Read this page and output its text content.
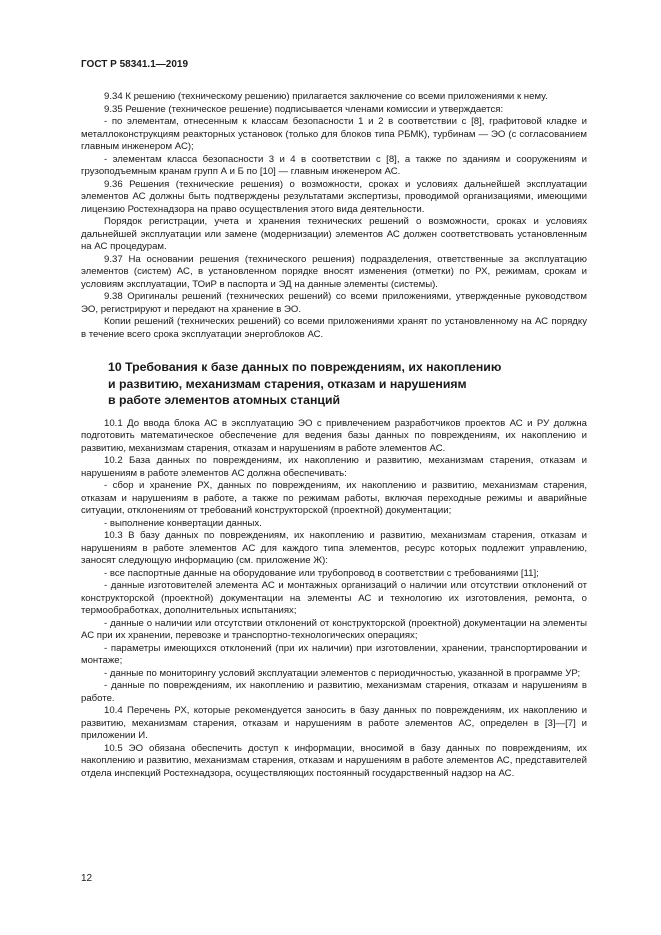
ГОСТ Р 58341.1—2019

9.34 К решению (техническому решению) прилагается заключение со всеми приложениями к нему.

9.35 Решение (техническое решение) подписывается членами комиссии и утверждается:

- по элементам, отнесенным к классам безопасности 1 и 2 в соответствии с [8], графитовой кладке и металлоконструкциям реакторных установок (только для блоков типа РБМК), турбинам — ЭО (с согласованием главным инженером АС);

- элементам класса безопасности 3 и 4 в соответствии с [8], а также по зданиям и сооружениям и грузоподъемным кранам групп А и Б по [10] — главным инженером АС.

9.36 Решения (технические решения) о возможности, сроках и условиях дальнейшей эксплуатации элементов АС должны быть подтверждены результатами экспертизы, проводимой организациями, имеющими лицензию Ростехнадзора на право осуществления этого вида деятельности.

Порядок регистрации, учета и хранения технических решений о возможности, сроках и условиях дальнейшей эксплуатации или замене (модернизации) элементов АС должен соответствовать установленным на АС процедурам.

9.37 На основании решения (технического решения) подразделения, ответственные за эксплуатацию элементов (систем) АС, в установленном порядке вносят изменения (отметки) по РХ, режимам, срокам и условиям эксплуатации, ТОиР в паспорта и ЭД на данные элементы (системы).

9.38 Оригиналы решений (технических решений) со всеми приложениями, утвержденные руководством ЭО, регистрируют и передают на хранение в ЭО.

Копии решений (технических решений) со всеми приложениями хранят по установленному на АС порядку в течение всего срока эксплуатации энергоблоков АС.

10 Требования к базе данных по повреждениям, их накоплению
и развитию, механизмам старения, отказам и нарушениям
в работе элементов атомных станций

10.1 До ввода блока АС в эксплуатацию ЭО с привлечением разработчиков проектов АС и РУ должна подготовить математическое обеспечение для ведения базы данных по повреждениям, их накоплению и развитию, механизмам старения, отказам и нарушениям в работе элементов АС.

10.2 База данных по повреждениям, их накоплению и развитию, механизмам старения, отказам и нарушениям в работе элементов АС должна обеспечивать:

- сбор и хранение РХ, данных по повреждениям, их накоплению и развитию, механизмам старения, отказам и нарушениям в работе, а также по режимам работы, включая переходные режимы и аварийные ситуации, отклонениям от требований конструкторской (проектной) документации;

- выполнение конвертации данных.

10.3 В базу данных по повреждениям, их накоплению и развитию, механизмам старения, отказам и нарушениям в работе элементов АС для каждого типа элементов, ресурс которых подлежит управлению, заносят следующую информацию (см. приложение Ж):

- все паспортные данные на оборудование или трубопровод в соответствии с требованиями [11];

- данные изготовителей элемента АС и монтажных организаций о наличии или отсутствии отклонений от конструкторской (проектной) документации на элементы АС и технологию их изготовления, ремонта, о термообработках, дополнительных испытаниях;

- данные о наличии или отсутствии отклонений от конструкторской (проектной) документации на элементы АС при их хранении, перевозке и транспортно-технологических операциях;

- параметры имеющихся отклонений (при их наличии) при изготовлении, хранении, транспортировании и монтаже;

- данные по мониторингу условий эксплуатации элементов с периодичностью, указанной в программе УР;

- данные по повреждениям, их накоплению и развитию, механизмам старения, отказам и нарушениям в работе.

10.4 Перечень РХ, которые рекомендуется заносить в базу данных по повреждениям, их накоплению и развитию, механизмам старения, отказам и нарушениям в работе элементов АС, определен в [3]—[7] и приложении И.

10.5 ЭО обязана обеспечить доступ к информации, вносимой в базу данных по повреждениям, их накоплению и развитию, механизмам старения, отказам и нарушениям в работе элементов АС, представителей отдела инспекций Ростехнадзора, осуществляющих постоянный государственный надзор на АС.

12
